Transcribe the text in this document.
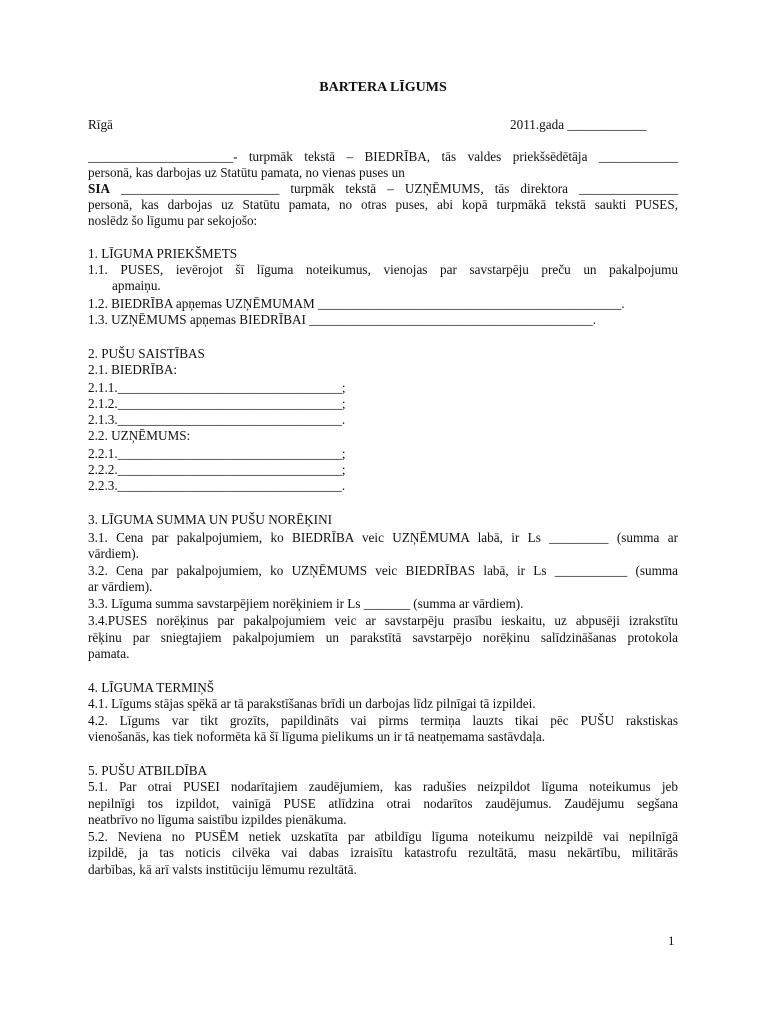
BARTERA LĪGUMS
Rīgā	2011.gada ____________
______________________- turpmāk tekstā – BIEDRĪBA, tās valdes priekšsēdētāja ____________
personā, kas darbojas uz Statūtu pamata, no vienas puses un
SIA ________________________ turpmāk tekstā – UZŅĒMUMS, tās direktora _______________
personā, kas darbojas uz Statūtu pamata, no otras puses, abi kopā turpmākā tekstā saukti PUSES,
noslēdz šo līgumu par sekojošo:
1. LĪGUMA PRIEKŠMETS
1.1. PUSES, ievērojot šī līguma noteikumus, vienojas par savstarpēju preču un pakalpojumu
apmaiņu.
1.2. BIEDRĪBA apņemas UZŅĒMUMAM ______________________________________________.
1.3. UZŅĒMUMS apņemas BIEDRĪBAI ___________________________________________.
2. PUŠU SAISTĪBAS
2.1. BIEDRĪBA:
2.1.1.__________________________________;
2.1.2.__________________________________;
2.1.3.__________________________________.
2.2. UZŅĒMUMS:
2.2.1.__________________________________;
2.2.2.__________________________________;
2.2.3.__________________________________.
3. LĪGUMA SUMMA UN PUŠU NORĒĶINI
3.1. Cena par pakalpojumiem, ko BIEDRĪBA veic UZŅĒMUMA labā, ir Ls _________ (summa ar
vārdiem).
3.2. Cena par pakalpojumiem, ko UZŅĒMUMS veic BIEDRĪBAS labā, ir Ls ___________ (summa
ar vārdiem).
3.3. Līguma summa savstarpējiem norēķiniem ir Ls _______ (summa ar vārdiem).
3.4.PUSES norēķinus par pakalpojumiem veic ar savstarpēju prasību ieskaitu, uz abpusēji izrakstītu
rēķinu par sniegtajiem pakalpojumiem un parakstītā savstarpējo norēķinu salīdzināšanas protokola
pamata.
4. LĪGUMA TERMIŅŠ
4.1. Līgums stājas spēkā ar tā parakstīšanas brīdi un darbojas līdz pilnīgai tā izpildei.
4.2. Līgums var tikt grozīts, papildināts vai pirms termiņa lauzts tikai pēc PUŠU rakstiskas
vienošanās, kas tiek noformēta kā šī līguma pielikums un ir tā neatņemama sastāvdaļa.
5. PUŠU ATBILDĪBA
5.1. Par otrai PUSEI nodarītajiem zaudējumiem, kas radušies neizpildot līguma noteikumus jeb
nepilnīgi tos izpildot, vainīgā PUSE atlīdzina otrai nodarītos zaudējumus. Zaudējumu segšana
neatbrīvo no līguma saistību izpildes pienākuma.
5.2. Neviena no PUSĒM netiek uzskatīta par atbildīgu līguma noteikumu neizpildē vai nepilnīgā
izpildē, ja tas noticis cilvēka vai dabas izraisītu katastrofu rezultātā, masu nekārtību, militārās
darbības, kā arī valsts institūciju lēmumu rezultātā.
1
